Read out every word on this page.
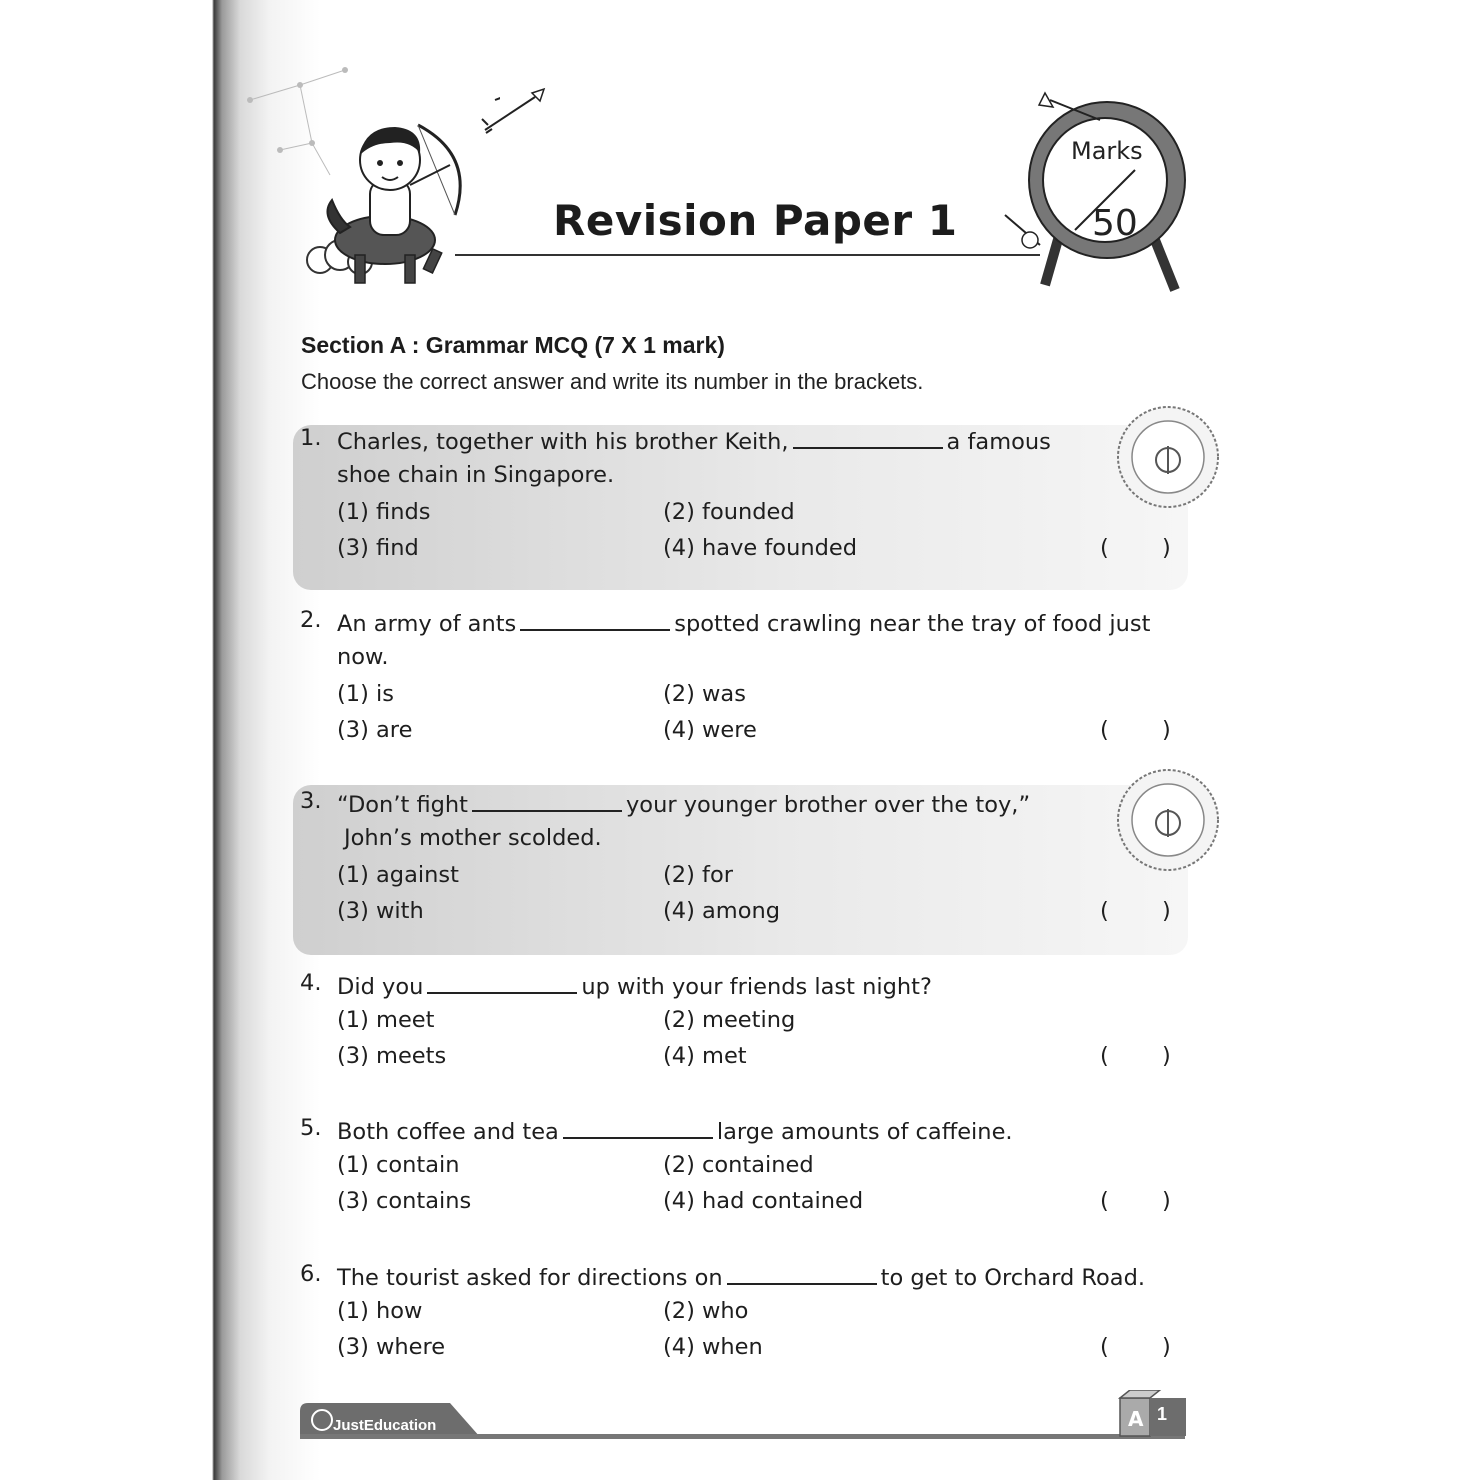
Revision Paper 1
Marks
50
Section A : Grammar MCQ (7 X 1 mark)
Choose the correct answer and write its number in the brackets.
1. Charles, together with his brother Keith,	a famous
shoe chain in Singapore.
(1) finds	(2) founded
(3) find	(4) have founded	( )
2. An army of ants	spotted crawling near the tray of food just
now.
(1) is	(2) was
(3) are	(4) were	( )
3. “Don’t fight	your younger brother over the toy,”
John’s mother scolded.
(1) against	(2) for
(3) with	(4) among	( )
4. Did you	up with your friends last night?
(1) meet	(2) meeting
(3) meets	(4) met	( )
5. Both coffee and tea	large amounts of caffeine.
(1) contain	(2) contained
(3) contains	(4) had contained	( )
6. The tourist asked for directions on	to get to Orchard Road.
(1) how	(2) who
(3) where	(4) when	( )
JustEducation	A 1
